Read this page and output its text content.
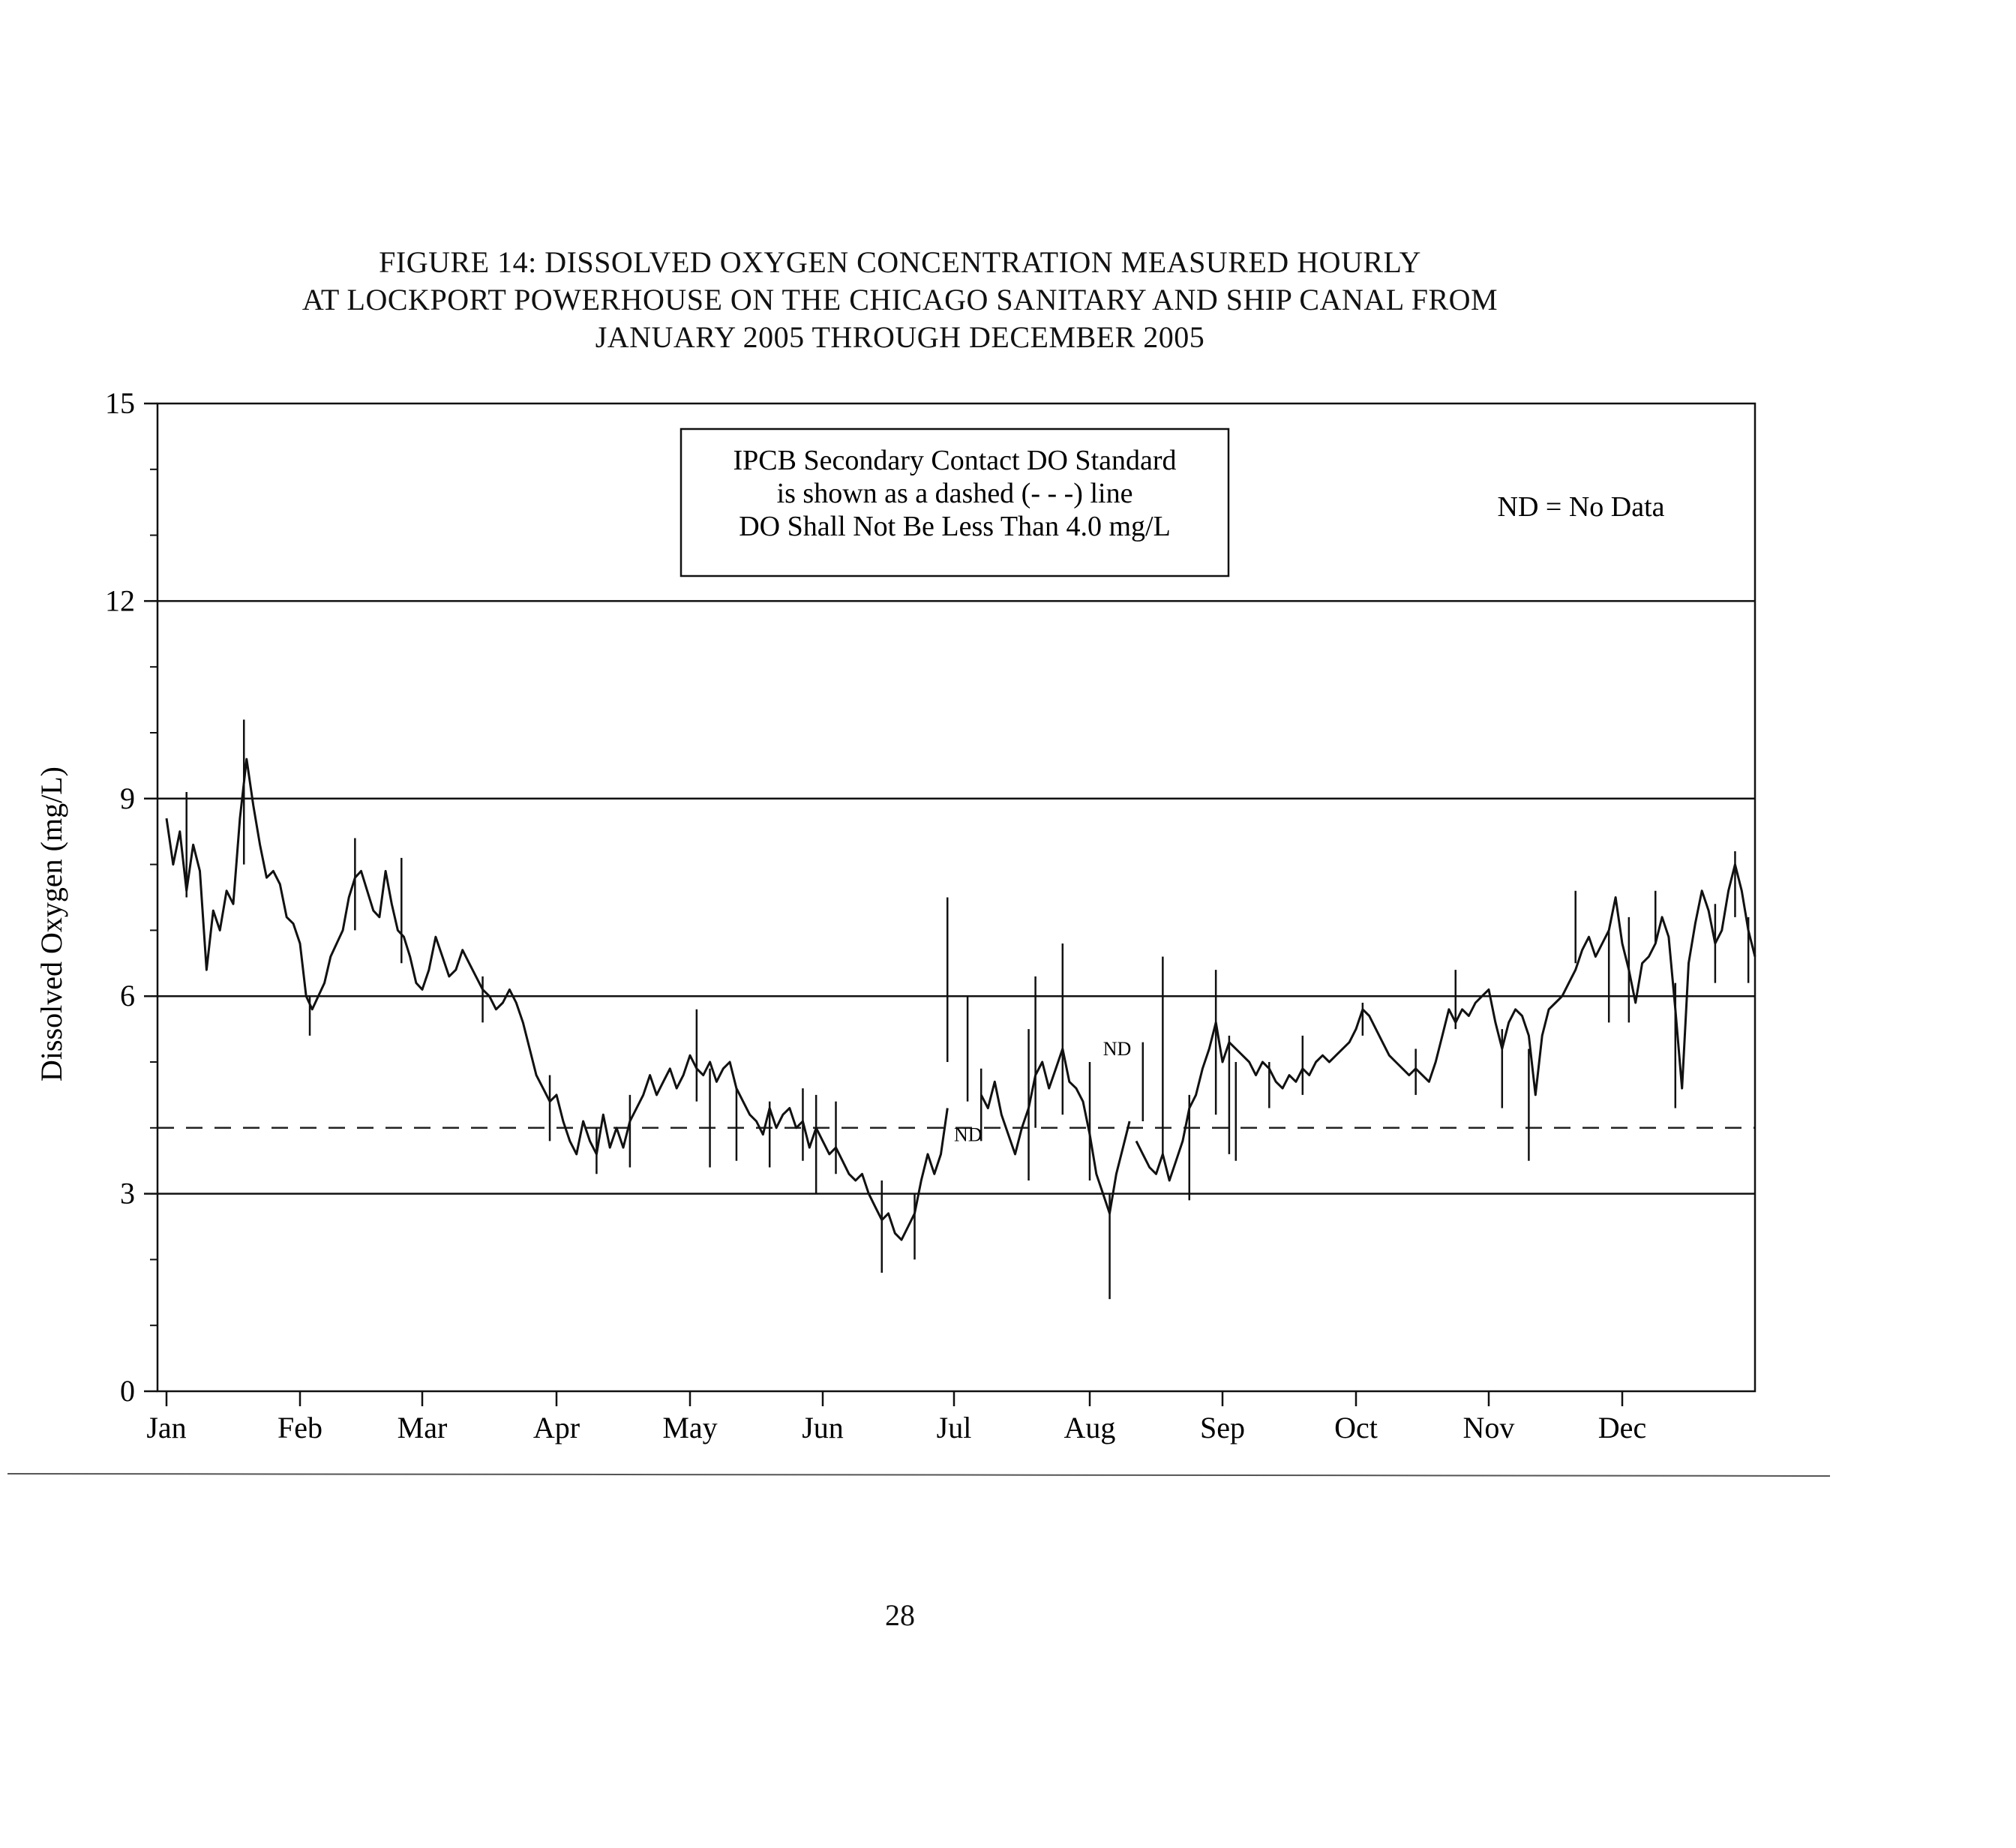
FIGURE 14: DISSOLVED OXYGEN CONCENTRATION MEASURED HOURLY
AT LOCKPORT POWERHOUSE ON THE CHICAGO SANITARY AND SHIP CANAL FROM
JANUARY 2005 THROUGH DECEMBER 2005
0
3
6
9
12
15
Jan	Feb Mar	Apr	May	Jun	Jul	Aug	Sep	Oct	Nov	Dec
Dissolved Oxygen (mg/L)
IPCB Secondary Contact DO Standard
is shown as a dashed (- - -) line
DO Shall Not Be Less Than 4.0 mg/L
ND = No Data
ND
ND
28
